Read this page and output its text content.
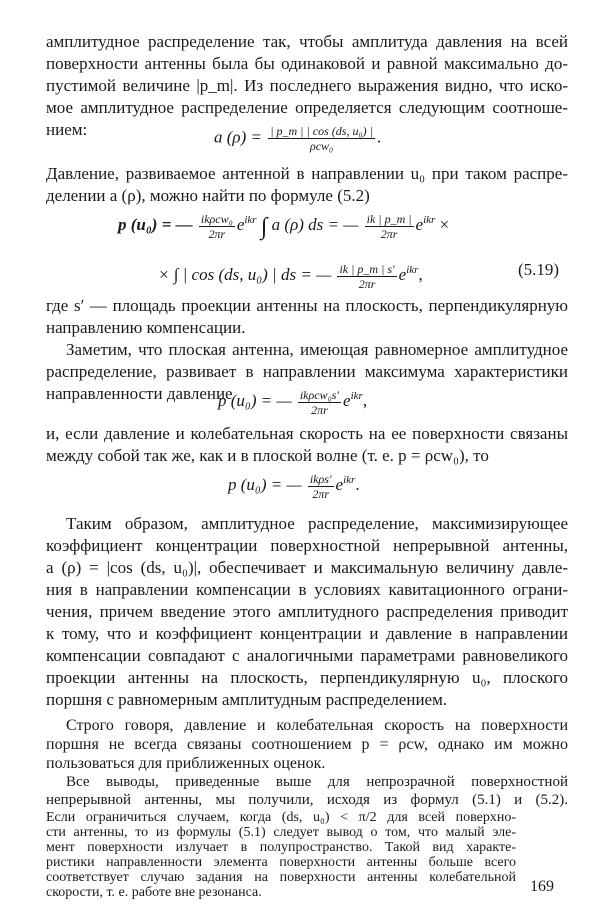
амплитудное распределение так, чтобы амплитуда давления на всей
поверхности антенны была бы одинаковой и равной максимально до-
пустимой величине |p_m|. Из последнего выражения видно, что иско-
мое амплитудное распределение определяется следующим соотноше-
нием:	a $(\rho) = \frac{\text{| p\_m | | cos (ds, u₀) |}}{\text{ρcw₀}}$ .
Давление, развиваемое антенной в направлении u₀ при таком распре-
делении a (ρ), можно найти по формуле (5.2)
p (u₀) = — $\frac{\text{ikρcw₀}}{2\pi r} e^{ikr}$ ∫ a (ρ) ds = — $\frac{ik | p\_m |}{2\pi r} e^{ikr}$ ×
× ∫ | cos (ds, u₀) | ds = — $\frac{ik | p\_m | s'}{2\pi r} e^{ikr}$,	(5.19)
где s′ — площадь проекции антенны на плоскость, перпендикулярную
направлению компенсации.
Заметим, что плоская антенна, имеющая равномерное амплитудное
распределение, развивает в направлении максимума характеристики
направленности давление
p (u₀) = — $\frac{\text{ikρcw₀s′}}{2\pi r} e^{ikr}$,
и, если давление и колебательная скорость на ее поверхности связаны
между собой так же, как и в плоской волне (т. е. p = ρcw₀), то
p (u₀) = — $\frac{\text{ikρs′}}{2\pi r} e^{ikr}$.
Таким образом, амплитудное распределение, максимизирующее
коэффициент концентрации поверхностной непрерывной антенны,
a (ρ) = |cos (ds, u₀)|, обеспечивает и максимальную величину давле-
ния в направлении компенсации в условиях кавитационного ограни-
чения, причем введение этого амплитудного распределения приводит
к тому, что и коэффициент концентрации и давление в направлении
компенсации совпадают с аналогичными параметрами равновеликого
проекции антенны на плоскость, перпендикулярную u₀, плоского
поршня с равномерным амплитудным распределением.
Строго говоря, давление и колебательная скорость на поверхности
поршня не всегда связаны соотношением p = ρcw, однако им можно
пользоваться для приближенных оценок.
Все выводы, приведенные выше для непрозрачной поверхностной
непрерывной антенны, мы получили, исходя из формул (5.1) и (5.2).
Если ограничиться случаем, когда (ds, u₀) < π/2 для всей поверхно-
сти антенны, то из формулы (5.1) следует вывод о том, что малый эле-
мент поверхности излучает в полупространство. Такой вид характе-
ристики направленности элемента поверхности антенны больше всего
соответствует случаю задания на поверхности антенны колебательной
скорости, т. е. работе вне резонанса.	169
